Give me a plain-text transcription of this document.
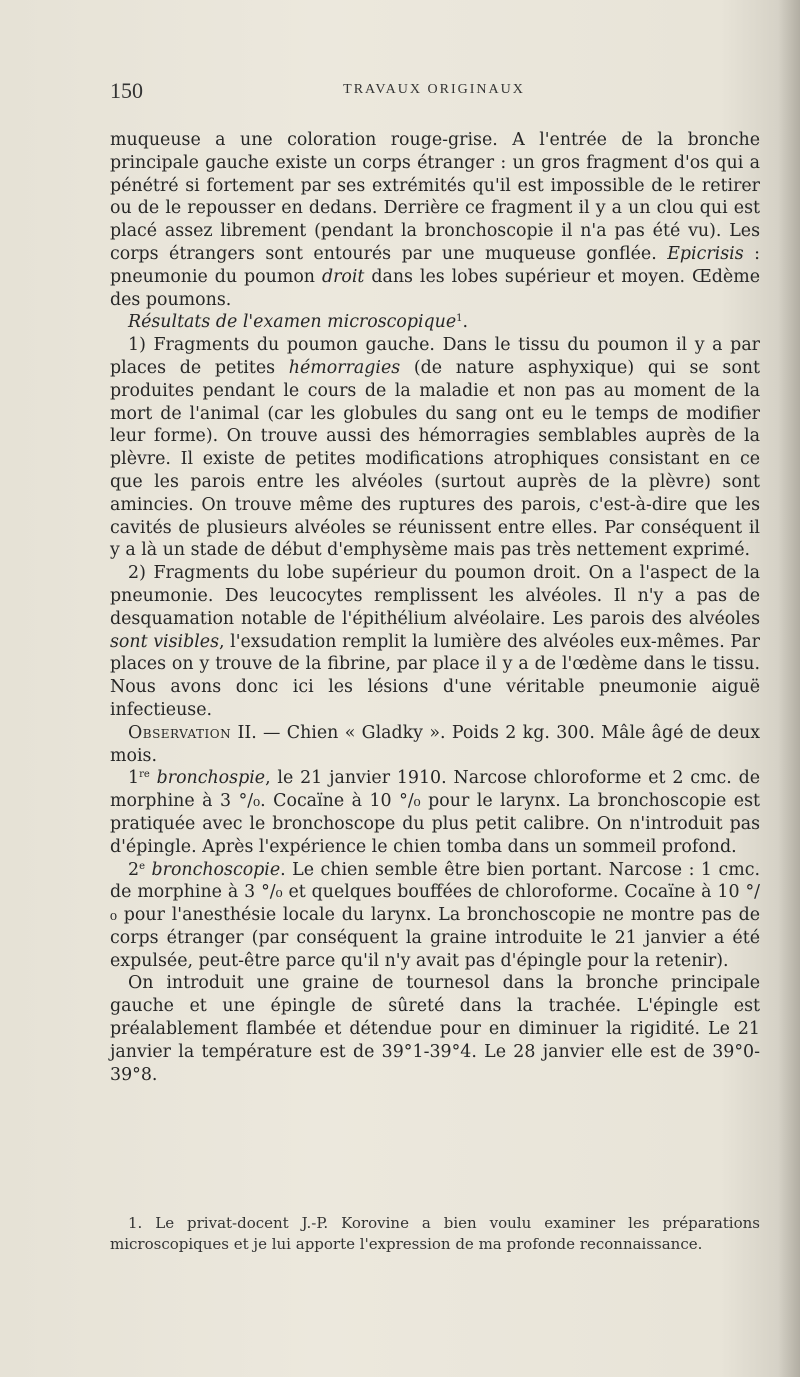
150	TRAVAUX ORIGINAUX

muqueuse a une coloration rouge-grise. A l'entrée de la bronche principale gauche existe un corps étranger : un gros fragment d'os qui a pénétré si fortement par ses extrémités qu'il est impossible de le retirer ou de le repousser en dedans. Derrière ce fragment il y a un clou qui est placé assez librement (pendant la bronchoscopie il n'a pas été vu). Les corps étrangers sont entourés par une muqueuse gonflée. Epicrisis : pneumonie du poumon droit dans les lobes supérieur et moyen. Œdème des poumons.

Résultats de l'examen microscopique$^1$.

1) Fragments du poumon gauche. Dans le tissu du poumon il y a par places de petites hémorragies (de nature asphyxique) qui se sont produites pendant le cours de la maladie et non pas au moment de la mort de l'animal (car les globules du sang ont eu le temps de modifier leur forme). On trouve aussi des hémorragies semblables auprès de la plèvre. Il existe de petites modifications atrophiques consistant en ce que les parois entre les alvéoles (surtout auprès de la plèvre) sont amincies. On trouve même des ruptures des parois, c'est-à-dire que les cavités de plusieurs alvéoles se réunissent entre elles. Par conséquent il y a là un stade de début d'emphysème mais pas très nettement exprimé.

2) Fragments du lobe supérieur du poumon droit. On a l'aspect de la pneumonie. Des leucocytes remplissent les alvéoles. Il n'y a pas de desquamation notable de l'épithélium alvéolaire. Les parois des alvéoles sont visibles, l'exsudation remplit la lumière des alvéoles eux-mêmes. Par places on y trouve de la fibrine, par place il y a de l'œdème dans le tissu. Nous avons donc ici les lésions d'une véritable pneumonie aiguë infectieuse.

Observation II. — Chien « Gladky ». Poids 2 kg. 300. Mâle âgé de deux mois.

1re bronchospie, le 21 janvier 1910. Narcose chloroforme et 2 cmc. de morphine à 3 °/₀. Cocaïne à 10 °/₀ pour le larynx. La bronchoscopie est pratiquée avec le bronchoscope du plus petit calibre. On n'introduit pas d'épingle. Après l'expérience le chien tomba dans un sommeil profond.

2e bronchoscopie. Le chien semble être bien portant. Narcose : 1 cmc. de morphine à 3 °/₀ et quelques bouffées de chloroforme. Cocaïne à 10 °/₀ pour l'anesthésie locale du larynx. La bronchoscopie ne montre pas de corps étranger (par conséquent la graine introduite le 21 janvier a été expulsée, peut-être parce qu'il n'y avait pas d'épingle pour la retenir).

On introduit une graine de tournesol dans la bronche principale gauche et une épingle de sûreté dans la trachée. L'épingle est préalablement flambée et détendue pour en diminuer la rigidité. Le 21 janvier la température est de 39°1-39°4. Le 28 janvier elle est de 39°0-39°8.

1. Le privat-docent J.-P. Korovine a bien voulu examiner les préparations microscopiques et je lui apporte l'expression de ma profonde reconnaissance.
